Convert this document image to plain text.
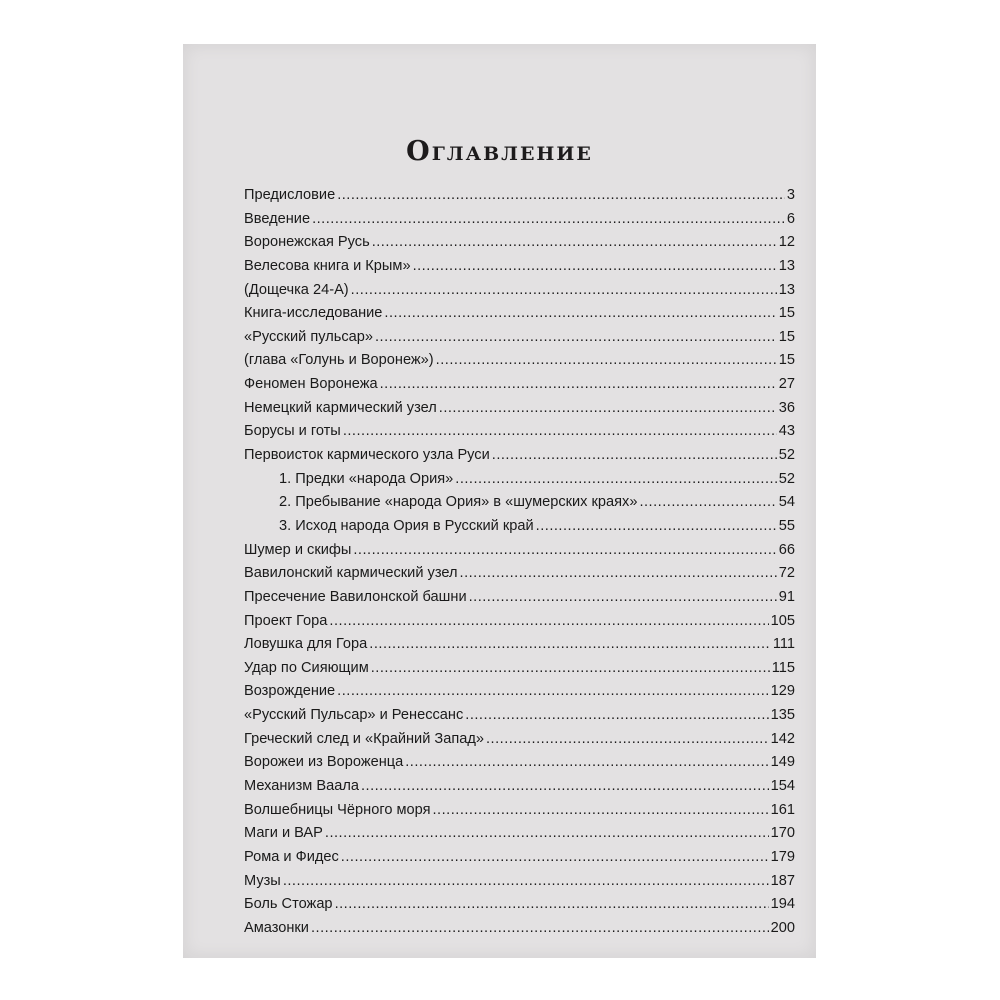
Оглавление
Предисловие .....	3
Введение .....	6
Воронежская Русь .....	12
Велесова книга и Крым» .....	13
(Дощечка 24-А) .....	13
Книга-исследование .....	15
«Русский пульсар» .....	15
(глава «Голунь и Воронеж») .....	15
Феномен Воронежа .....	27
Немецкий кармический узел .....	36
Борусы и готы .....	43
Первоисток кармического узла Руси .....	52
1. Предки «народа Ория» .....	52
2. Пребывание «народа Ория» в «шумерских краях» .....	54
3. Исход народа Ория в Русский край .....	55
Шумер и скифы .....	66
Вавилонский кармический узел .....	72
Пресечение Вавилонской башни .....	91
Проект Гора .....	105
Ловушка для Гора .....	111
Удар по Сияющим .....	115
Возрождение .....	129
«Русский Пульсар» и Ренессанс .....	135
Греческий след и «Крайний Запад» .....	142
Ворожеи из Вороженца .....	149
Механизм Ваала .....	154
Волшебницы Чёрного моря .....	161
Маги и ВАР .....	170
Рома и Фидес .....	179
Музы .....	187
Боль Стожар .....	194
Амазонки .....	200
